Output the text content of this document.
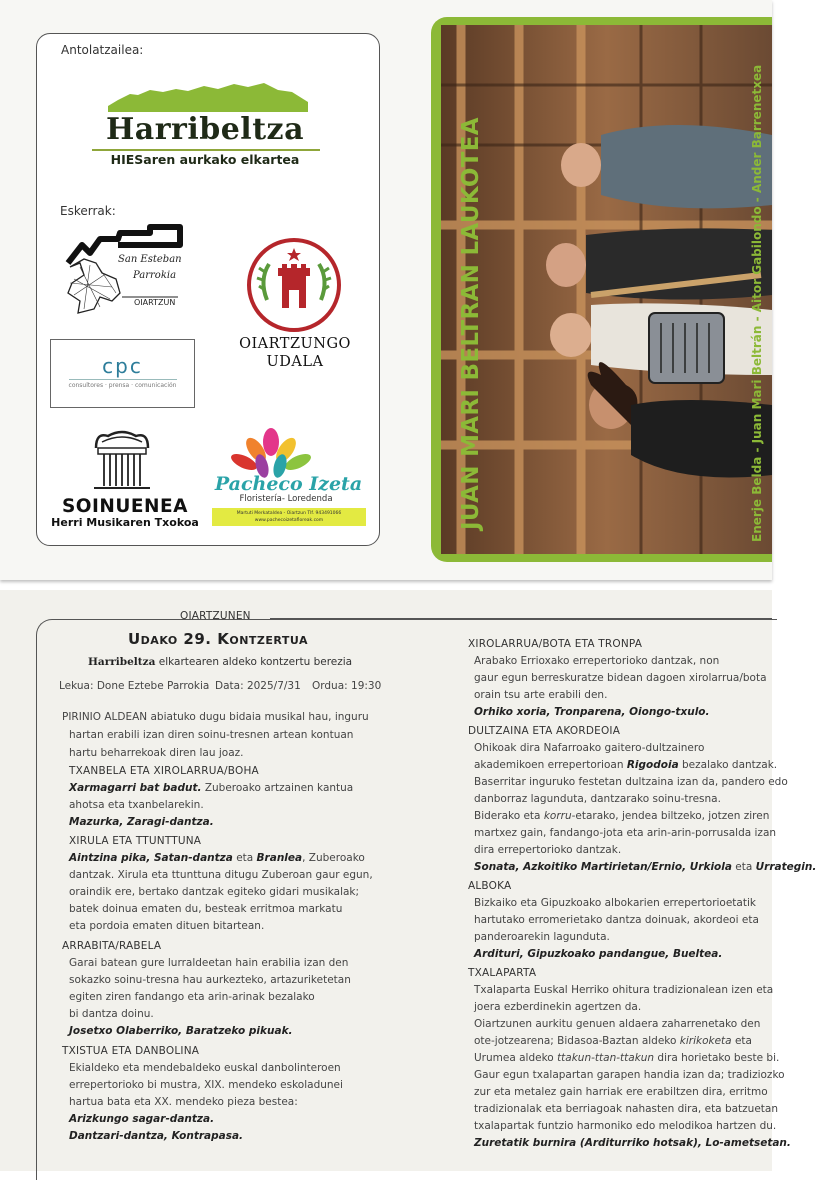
Antolatzailea:
Harribeltza
HIESaren aurkako elkartea
Eskerrak:
San Esteban
Parrokia
OIARTZUN
OIARTZUNGO
UDALA
cpc
consultores · prensa · comunicación
SOINUENEA
Herri Musikaren Txokoa
Pacheco Izeta
Floristería- Loredenda
Martuti Merkataldea - Oiartzun Tlf. 943491066
www.pachecoizetafloreak.com	JUAN MARI BELTRAN LAUKOTEA	Enerje Belda - Juan Mari Beltrán - Aitor Gabilondo - Ander Barrenetxea
OIARTZUNEN
Udako 29. Kontzertua
Harribeltza elkartearen aldeko kontzertu berezia
Lekua: Done Eztebe Parrokia Data: 2025/7/31 Ordua: 19:30
PIRINIO ALDEAN abiatuko dugu bidaia musikal hau, inguru
hartan erabili izan diren soinu-tresnen artean kontuan
hartu beharrekoak diren lau joaz.
TXANBELA ETA XIROLARRUA/BOHA
Xarmagarri bat badut. Zuberoako artzainen kantua
ahotsa eta txanbelarekin.
Mazurka, Zaragi-dantza.
XIRULA ETA TTUNTTUNA
Aintzina pika, Satan-dantza eta Branlea, Zuberoako
dantzak. Xirula eta ttunttuna ditugu Zuberoan gaur egun,
oraindik ere, bertako dantzak egiteko gidari musikalak;
batek doinua ematen du, besteak erritmoa markatu
eta pordoia ematen dituen bitartean.
ARRABITA/RABELA
Garai batean gure lurraldeetan hain erabilia izan den
sokazko soinu-tresna hau aurkezteko, artazuriketetan
egiten ziren fandango eta arin-arinak bezalako
bi dantza doinu.
Josetxo Olaberriko, Baratzeko pikuak.
TXISTUA ETA DANBOLINA
Ekialdeko eta mendebaldeko euskal danbolinteroen
errepertorioko bi mustra, XIX. mendeko eskoladunei
hartua bata eta XX. mendeko pieza bestea:
Arizkungo sagar-dantza.
Dantzari-dantza, Kontrapasa.
XIROLARRUA/BOTA ETA TRONPA
Arabako Errioxako errepertorioko dantzak, non
gaur egun berreskuratze bidean dagoen xirolarrua/bota
orain tsu arte erabili den.
Orhiko xoria, Tronparena, Oiongo-txulo.
DULTZAINA ETA AKORDEOIA
Ohikoak dira Nafarroako gaitero-dultzainero
akademikoen errepertorioan Rigodoia bezalako dantzak.
Baserritar inguruko festetan dultzaina izan da, pandero edo
danborraz lagunduta, dantzarako soinu-tresna.
Biderako eta korru-etarako, jendea biltzeko, jotzen ziren
martxez gain, fandango-jota eta arin-arin-porrusalda izan
dira errepertorioko dantzak.
Sonata, Azkoitiko Martirietan/Ernio, Urkiola eta Urrategin.
ALBOKA
Bizkaiko eta Gipuzkoako albokarien errepertorioetatik
hartutako erromerietako dantza doinuak, akordeoi eta
panderoarekin lagunduta.
Ardituri, Gipuzkoako pandangue, Bueltea.
TXALAPARTA
Txalaparta Euskal Herriko ohitura tradizionalean izen eta
joera ezberdinekin agertzen da.
Oiartzunen aurkitu genuen aldaera zaharrenetako den
ote-jotzearena; Bidasoa-Baztan aldeko kirikoketa eta
Urumea aldeko ttakun-ttan-ttakun dira horietako beste bi.
Gaur egun txalapartan garapen handia izan da; tradiziozko
zur eta metalez gain harriak ere erabiltzen dira, erritmo
tradizionalak eta berriagoak nahasten dira, eta batzuetan
txalapartak funtzio harmoniko edo melodikoa hartzen du.
Zuretatik burnira (Arditurriko hotsak), Lo-ametsetan.
